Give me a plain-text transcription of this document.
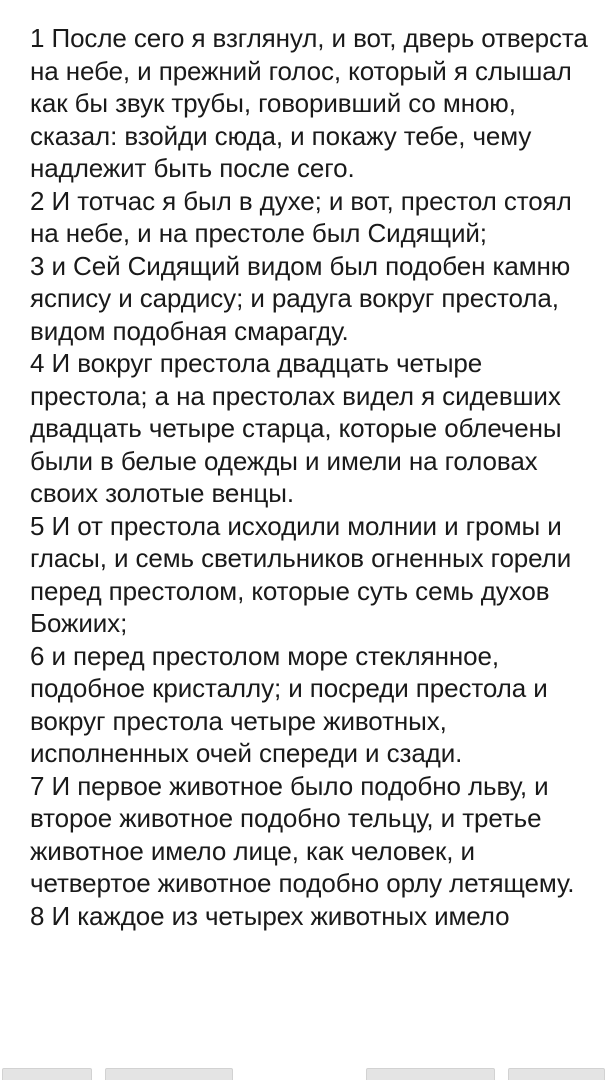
1 После сего я взглянул, и вот, дверь отверста на небе, и прежний голос, который я слышал как бы звук трубы, говоривший со мною, сказал: взойди сюда, и покажу тебе, чему надлежит быть после сего.

2 И тотчас я был в духе; и вот, престол стоял на небе, и на престоле был Сидящий;

3 и Сей Сидящий видом был подобен камню яспису и сардису; и радуга вокруг престола, видом подобная смарагду.

4 И вокруг престола двадцать четыре престола; а на престолах видел я сидевших двадцать четыре старца, которые облечены были в белые одежды и имели на головах своих золотые венцы.

5 И от престола исходили молнии и громы и гласы, и семь светильников огненных горели перед престолом, которые суть семь духов Божиих;

6 и перед престолом море стеклянное, подобное кристаллу; и посреди престола и вокруг престола четыре животных, исполненных очей спереди и сзади.

7 И первое животное было подобно льву, и второе животное подобно тельцу, и третье животное имело лице, как человек, и четвертое животное подобно орлу летящему.

8 И каждое из четырех животных имело
